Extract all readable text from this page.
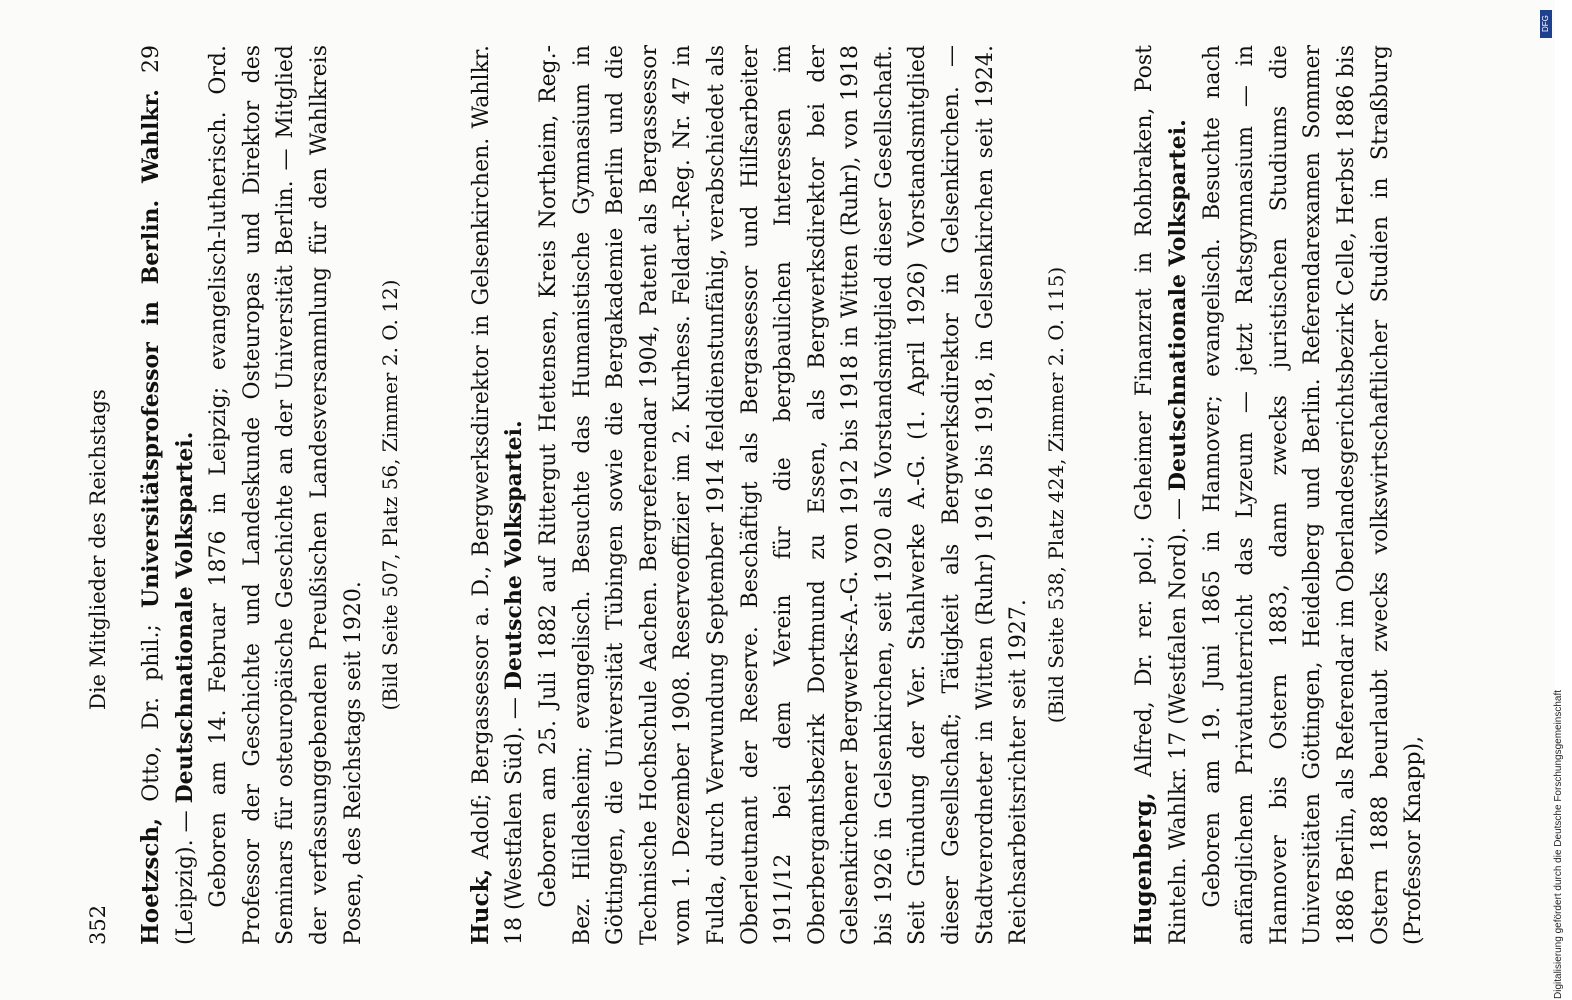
352
Die Mitglieder des Reichstags

Hoetzsch, Otto, Dr. phil.; Universitätsprofessor in Berlin. Wahlkr. 29 (Leipzig). — Deutschnationale Volkspartei. Geboren am 14. Februar 1876 in Leipzig; evangelisch-lutherisch. Ord. Professor der Geschichte und Landeskunde Osteuropas und Direktor des Seminars für osteuropäische Geschichte an der Universität Berlin. — Mitglied der verfassunggebenden Preußischen Landesversammlung für den Wahlkreis Posen, des Reichstags seit 1920.

(Bild Seite 507, Platz 56, Zimmer 2. O. 12)

Huck, Adolf; Bergassessor a. D., Bergwerksdirektor in Gelsenkirchen. Wahlkr. 18 (Westfalen Süd). — Deutsche Volkspartei. Geboren am 25. Juli 1882 auf Rittergut Hettensen, Kreis Northeim, Reg.-Bez. Hildesheim; evangelisch. Besuchte das Humanistische Gymnasium in Göttingen, die Universität Tübingen sowie die Bergakademie Berlin und die Technische Hochschule Aachen. Bergreferendar 1904, Patent als Bergassessor vom 1. Dezember 1908. Reserveoffizier im 2. Kurhess. Feldart.-Reg. Nr. 47 in Fulda, durch Verwundung September 1914 felddienstunfähig, verabschiedet als Oberleutnant der Reserve. Beschäftigt als Bergassessor und Hilfsarbeiter 1911/12 bei dem Verein für die bergbaulichen Interessen im Oberbergamtsbezirk Dortmund zu Essen, als Bergwerksdirektor bei der Gelsenkirchener Bergwerks-A.-G. von 1912 bis 1918 in Witten (Ruhr), von 1918 bis 1926 in Gelsenkirchen, seit 1920 als Vorstandsmitglied dieser Gesellschaft. Seit Gründung der Ver. Stahlwerke A.-G. (1. April 1926) Vorstandsmitglied dieser Gesellschaft; Tätigkeit als Bergwerksdirektor in Gelsenkirchen. — Stadtverordneter in Witten (Ruhr) 1916 bis 1918, in Gelsenkirchen seit 1924. Reichsarbeitsrichter seit 1927.

(Bild Seite 538, Platz 424, Zimmer 2. O. 115)

Hugenberg, Alfred, Dr. rer. pol.; Geheimer Finanzrat in Rohbraken, Post Rinteln. Wahlkr. 17 (Westfalen Nord). — Deutschnationale Volkspartei. Geboren am 19. Juni 1865 in Hannover; evangelisch. Besuchte nach anfänglichem Privatunterricht das Lyzeum — jetzt Ratsgymnasium — in Hannover bis Ostern 1883, dann zwecks juristischen Studiums die Universitäten Göttingen, Heidelberg und Berlin. Referendarexamen Sommer 1886 Berlin, als Referendar im Oberlandesgerichtsbezirk Celle, Herbst 1886 bis Ostern 1888 beurlaubt zwecks volkswirtschaftlicher Studien in Straßburg (Professor Knapp),	Digitalisierung gefördert durch die Deutsche Forschungsgemeinschaft
DFG
